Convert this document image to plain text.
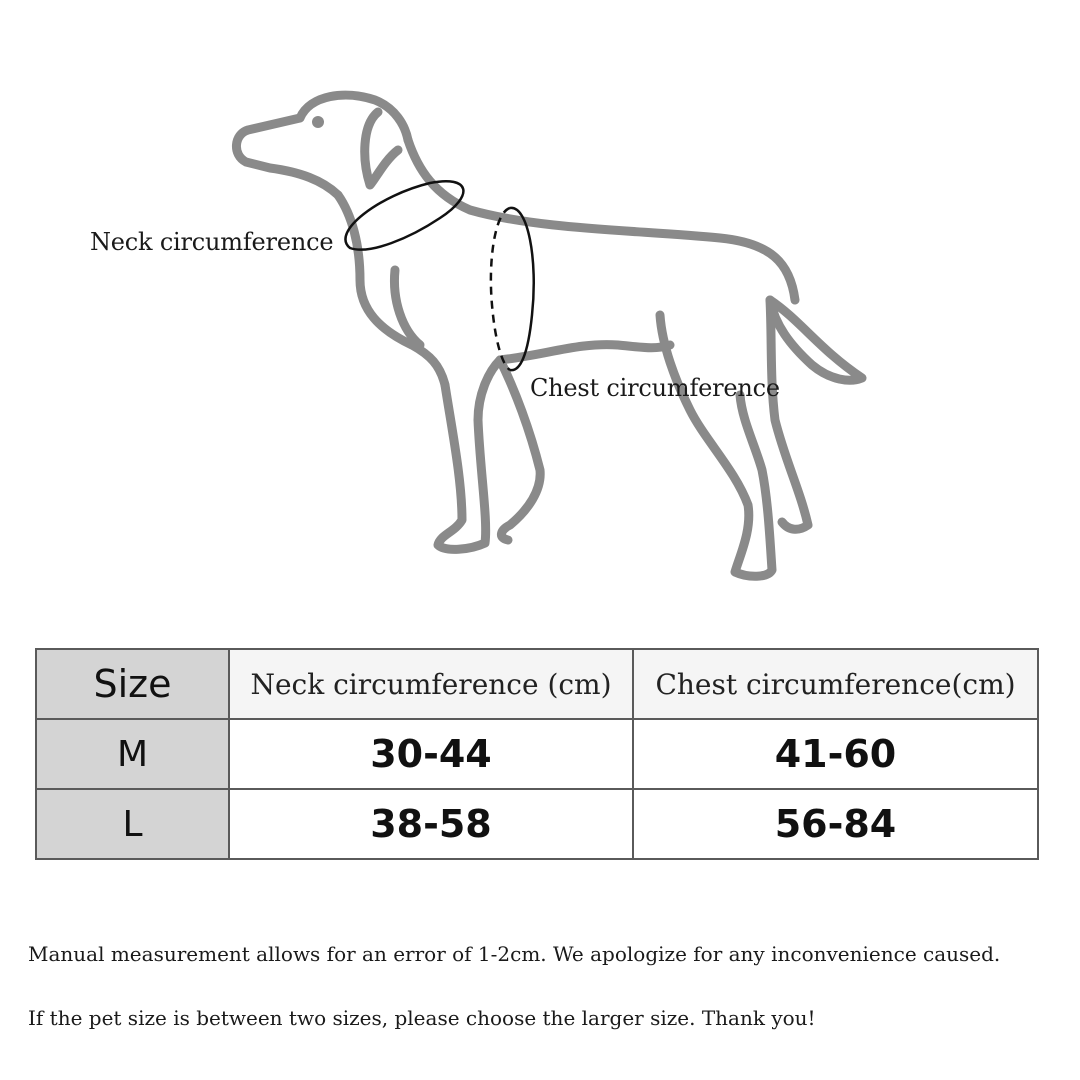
Neck circumference
Chest circumference
Size	Neck circumference (cm)	Chest circumference(cm)
M	30-44	41-60
L	38-58	56-84
Manual measurement allows for an error of 1-2cm. We apologize for any inconvenience caused.
If the pet size is between two sizes, please choose the larger size. Thank you!
